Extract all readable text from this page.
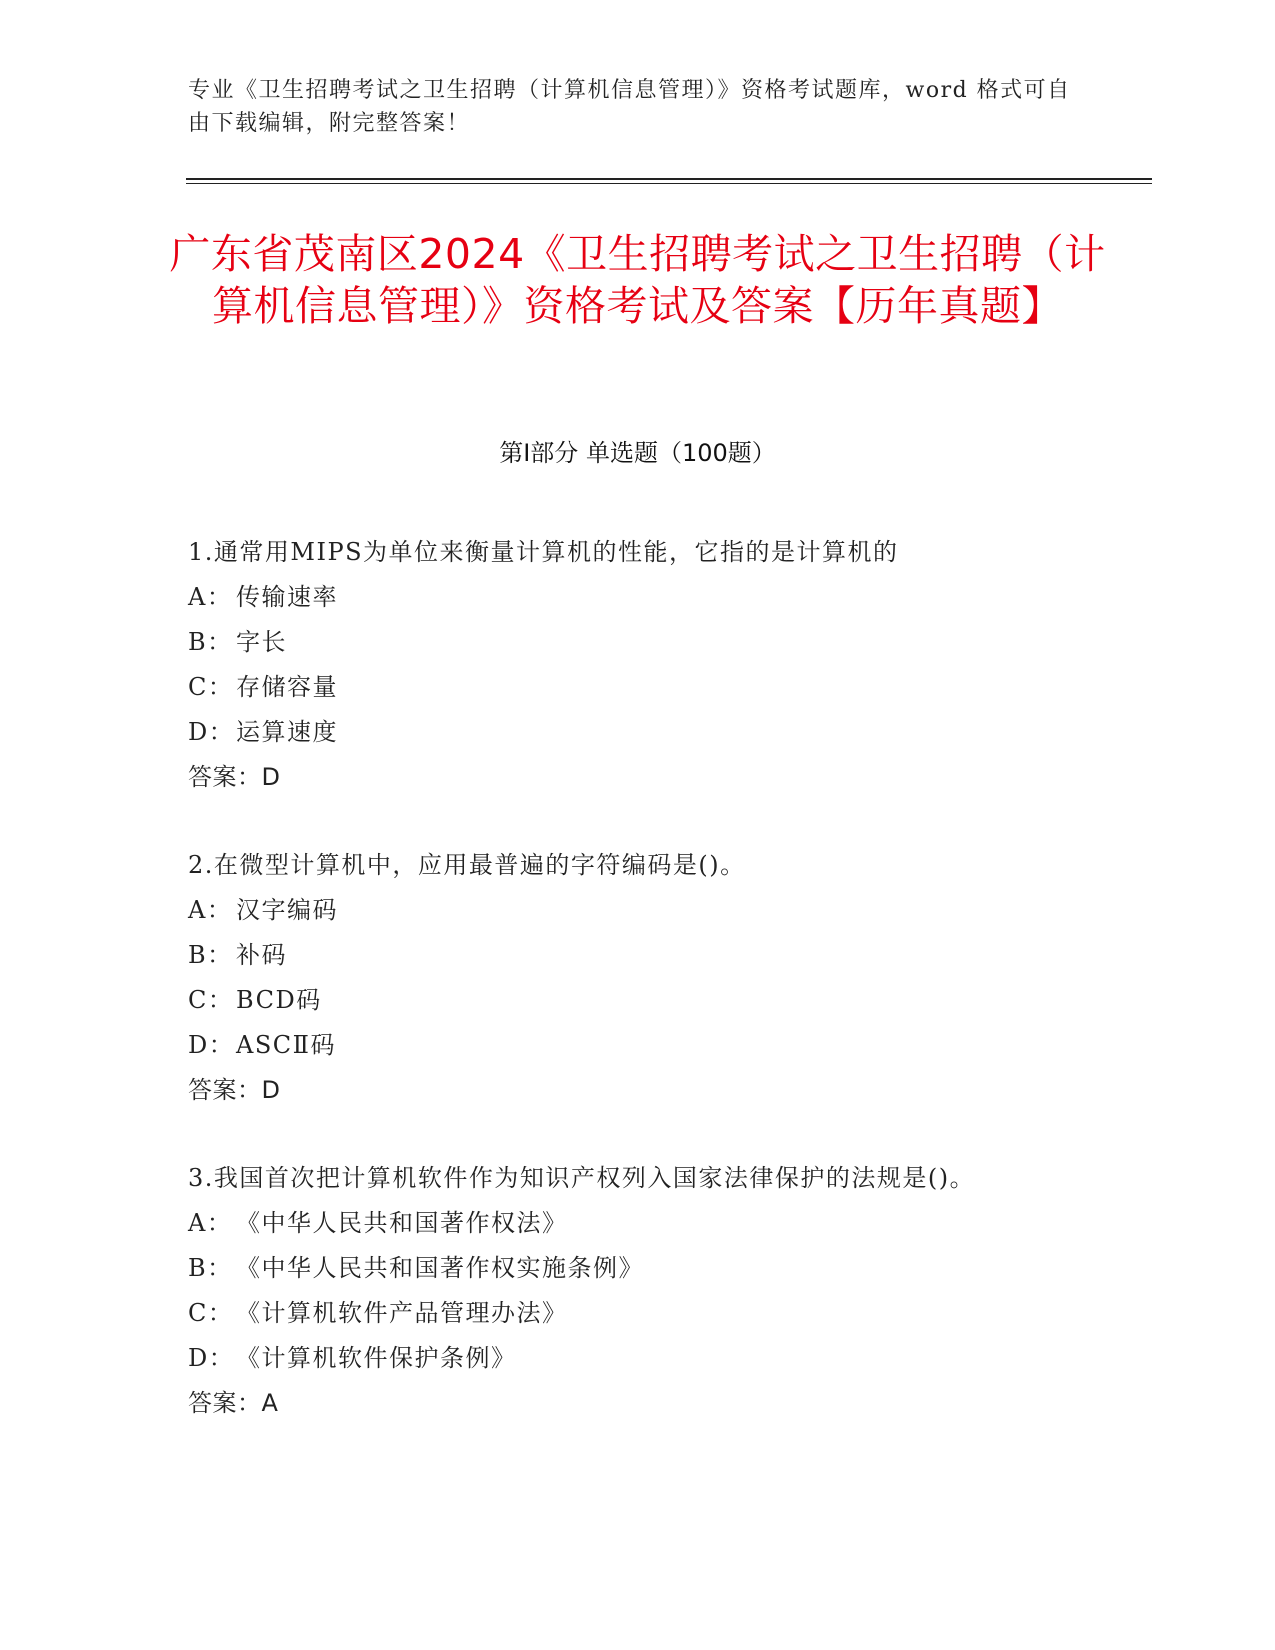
专业《卫生招聘考试之卫生招聘（计算机信息管理）》资格考试题库，word 格式可自由下载编辑，附完整答案！
广东省茂南区2024《卫生招聘考试之卫生招聘（计算机信息管理）》资格考试及答案【历年真题】
第Ⅰ部分 单选题（100题）
1.通常用MIPS为单位来衡量计算机的性能，它指的是计算机的
A： 传输速率
B： 字长
C： 存储容量
D：运算速度
答案：D
2.在微型计算机中，应用最普遍的字符编码是()。
A： 汉字编码
B： 补码
C： BCD码
D：ASCⅡ码
答案：D
3.我国首次把计算机软件作为知识产权列入国家法律保护的法规是()。
A： 《中华人民共和国著作权法》
B： 《中华人民共和国著作权实施条例》
C： 《计算机软件产品管理办法》
D：《计算机软件保护条例》
答案：A
